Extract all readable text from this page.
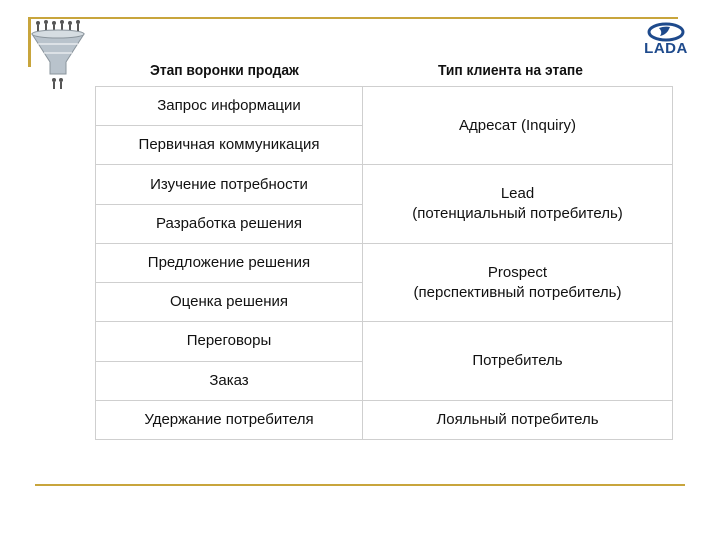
LADA
Этап воронки продаж	Тип клиента на этапе
Запрос информации	Адресат (Inquiry)

Первичная коммуникация	
Изучение потребности	Lead
(потенциальный потребитель)

Разработка решения	
Предложение решения	Prospect
(перспективный потребитель)

Оценка решения	
Переговоры	Потребитель

Заказ	
Удержание потребителя	Лояльный потребитель
